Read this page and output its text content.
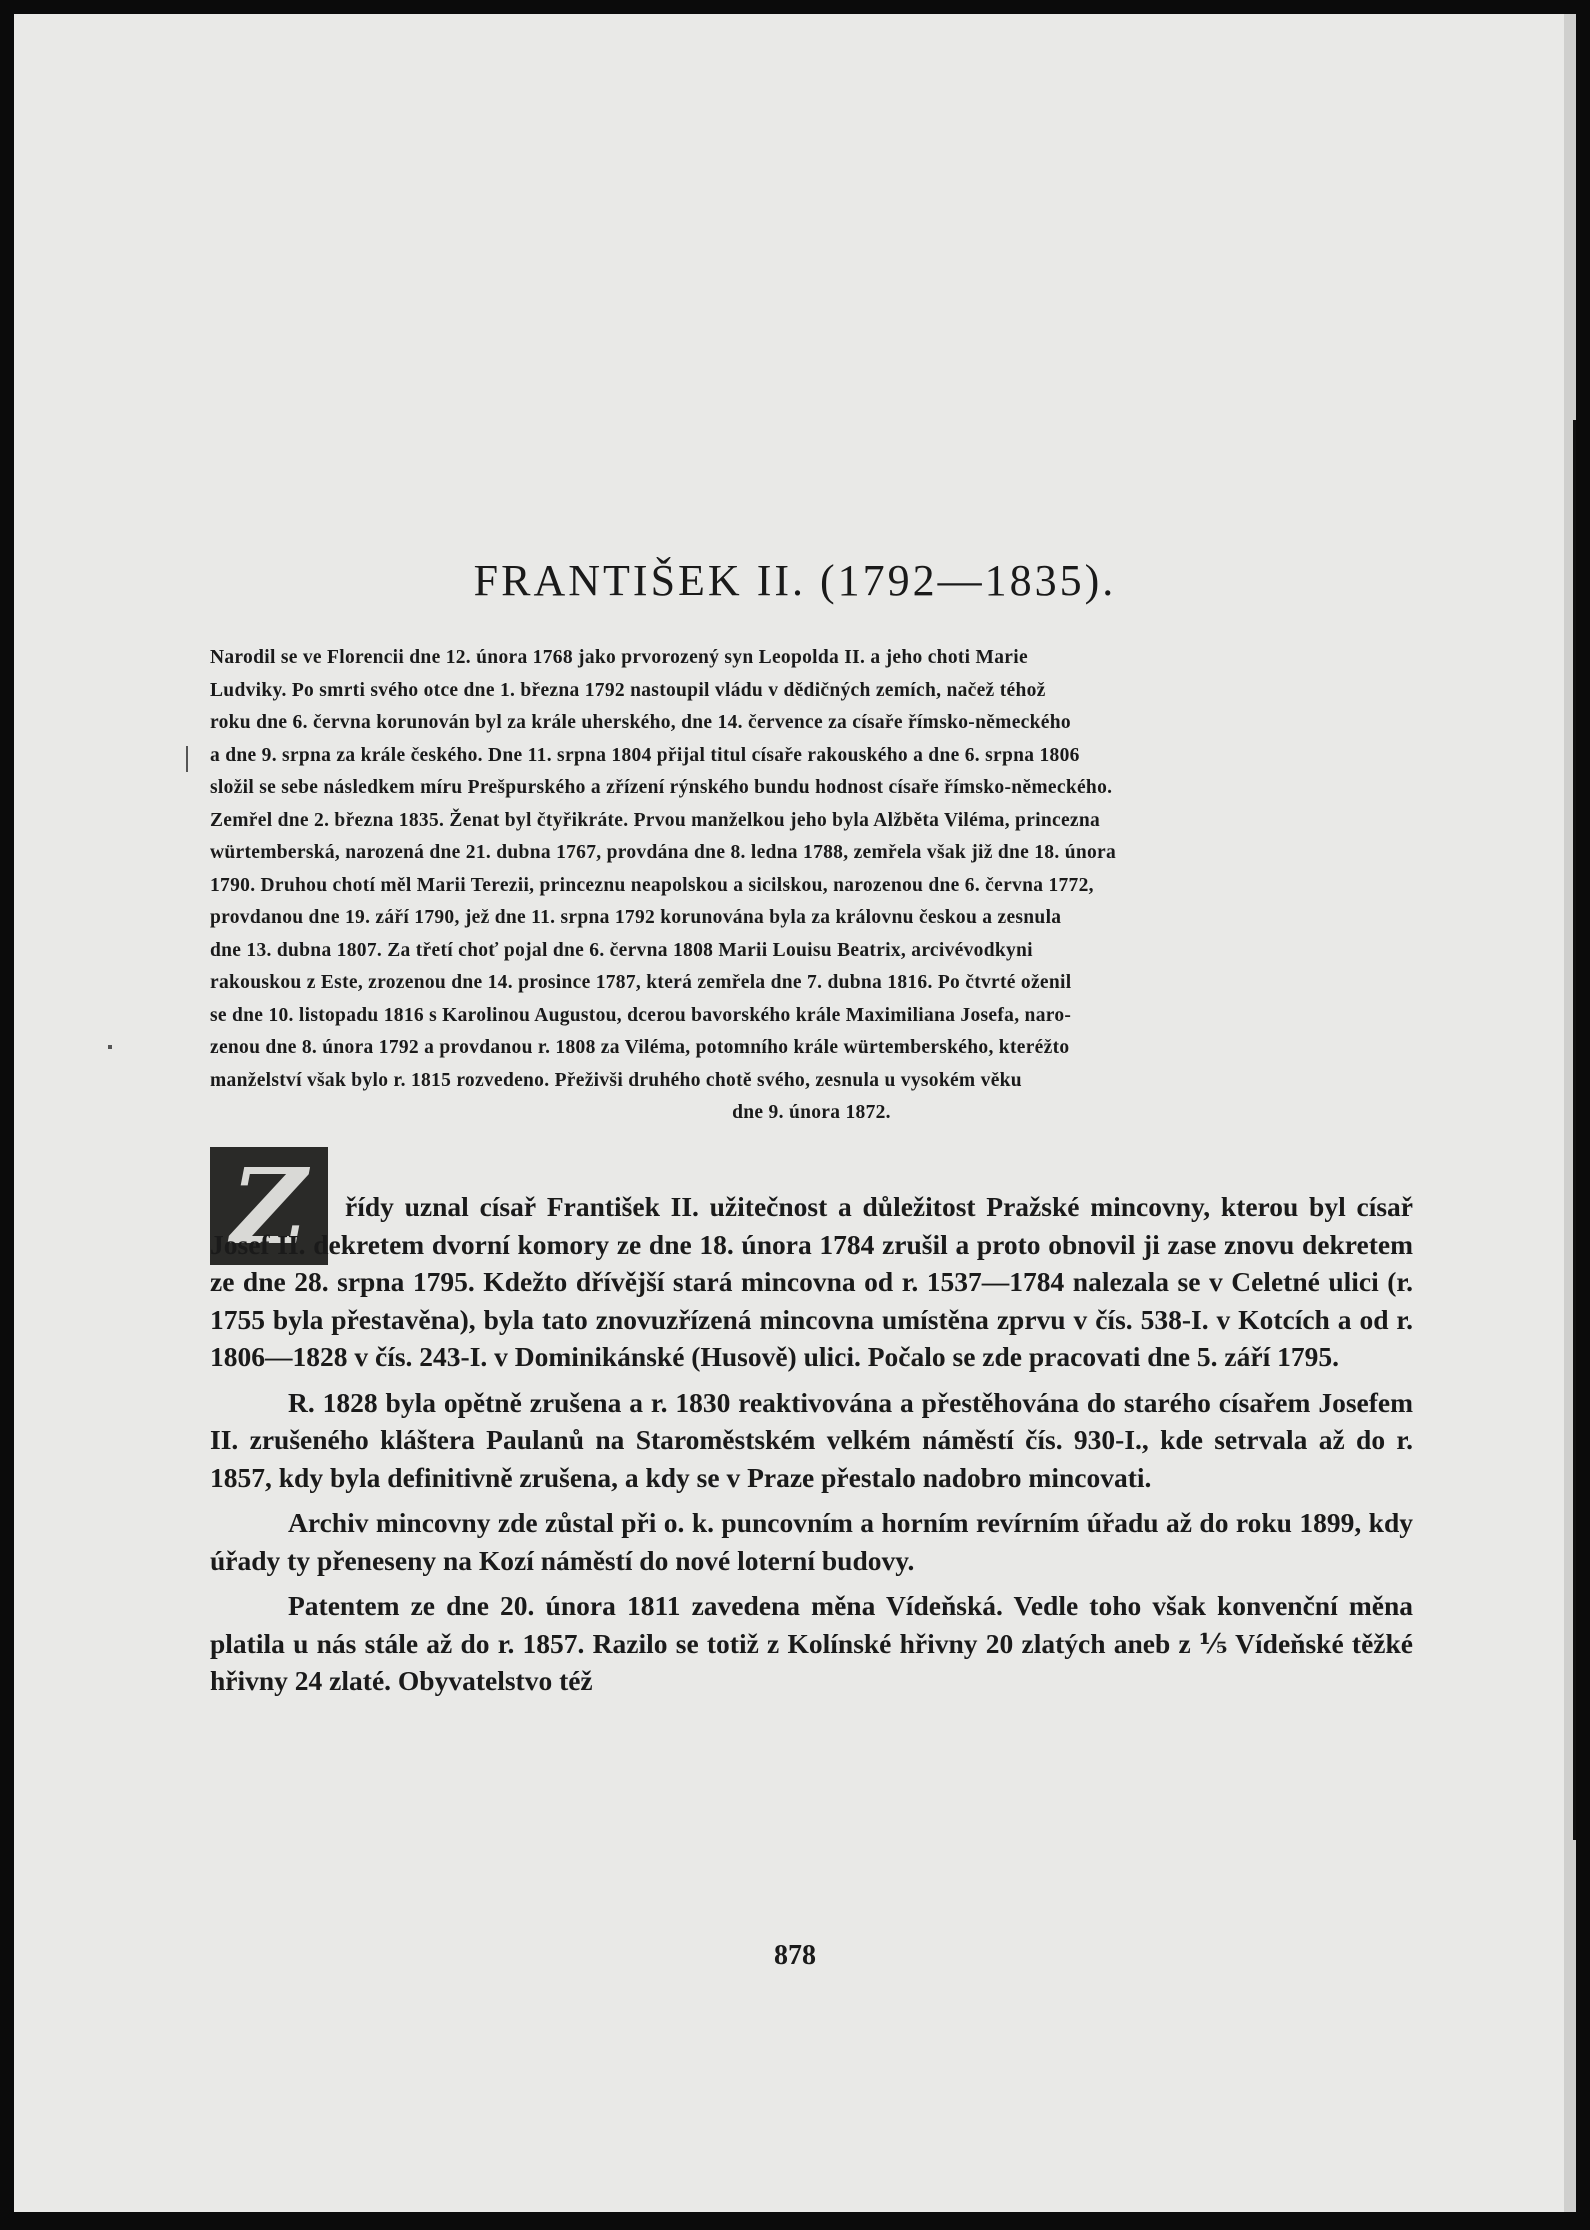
FRANTIŠEK II. (1792—1835).
Narodil se ve Florencii dne 12. února 1768 jako prvorozený syn Leopolda II. a jeho choti Marie
Ludviky. Po smrti svého otce dne 1. března 1792 nastoupil vládu v dědičných zemích, načež téhož
roku dne 6. června korunován byl za krále uherského, dne 14. července za císaře římsko-německého
a dne 9. srpna za krále českého. Dne 11. srpna 1804 přijal titul císaře rakouského a dne 6. srpna 1806
složil se sebe následkem míru Prešpurského a zřízení rýnského bundu hodnost císaře římsko-německého.
Zemřel dne 2. března 1835. Ženat byl čtyřikráte. Prvou manželkou jeho byla Alžběta Viléma, princezna
würtemberská, narozená dne 21. dubna 1767, provdána dne 8. ledna 1788, zemřela však již dne 18. února
1790. Druhou chotí měl Marii Terezii, princeznu neapolskou a sicilskou, narozenou dne 6. června 1772,
provdanou dne 19. září 1790, jež dne 11. srpna 1792 korunována byla za královnu českou a zesnula
dne 13. dubna 1807. Za třetí choť pojal dne 6. června 1808 Marii Louisu Beatrix, arcivévodkyni
rakouskou z Este, zrozenou dne 14. prosince 1787, která zemřela dne 7. dubna 1816. Po čtvrté oženil
se dne 10. listopadu 1816 s Karolinou Augustou, dcerou bavorského krále Maximiliana Josefa, naro-
zenou dne 8. února 1792 a provdanou r. 1808 za Viléma, potomního krále würtemberského, kteréžto
manželství však bylo r. 1815 rozvedeno. Přeživši druhého chotě svého, zesnula u vysokém věku
dne 9. února 1872.
Z	řídy uznal císař František II. užitečnost a důležitost Pražské mincovny, kterou byl císař Josef II. dekretem dvorní komory ze dne 18. února 1784 zrušil a proto obnovil ji zase znovu dekretem ze dne 28. srpna 1795. Kdežto dřívější stará mincovna od r. 1537—1784 nalezala se v Celetné ulici (r. 1755 byla přestavěna), byla tato znovuzřízená mincovna umístěna zprvu v čís. 538-I. v Kotcích a od r. 1806—1828 v čís. 243-I. v Dominikánské (Husově) ulici. Počalo se zde pracovati dne 5. září 1795.

R. 1828 byla opětně zrušena a r. 1830 reaktivována a přestěhována do starého císařem Josefem II. zrušeného kláštera Paulanů na Staroměstském velkém náměstí čís. 930-I., kde setrvala až do r. 1857, kdy byla definitivně zrušena, a kdy se v Praze přestalo nadobro mincovati.

Archiv mincovny zde zůstal při o. k. puncovním a horním revírním úřadu až do roku 1899, kdy úřady ty přeneseny na Kozí náměstí do nové loterní budovy.

Patentem ze dne 20. února 1811 zavedena měna Vídeňská. Vedle toho však konvenční měna platila u nás stále až do r. 1857. Razilo se totiž z Kolínské hřivny 20 zlatých aneb z ⅕ Vídeňské těžké hřivny 24 zlaté. Obyvatelstvo též

878
